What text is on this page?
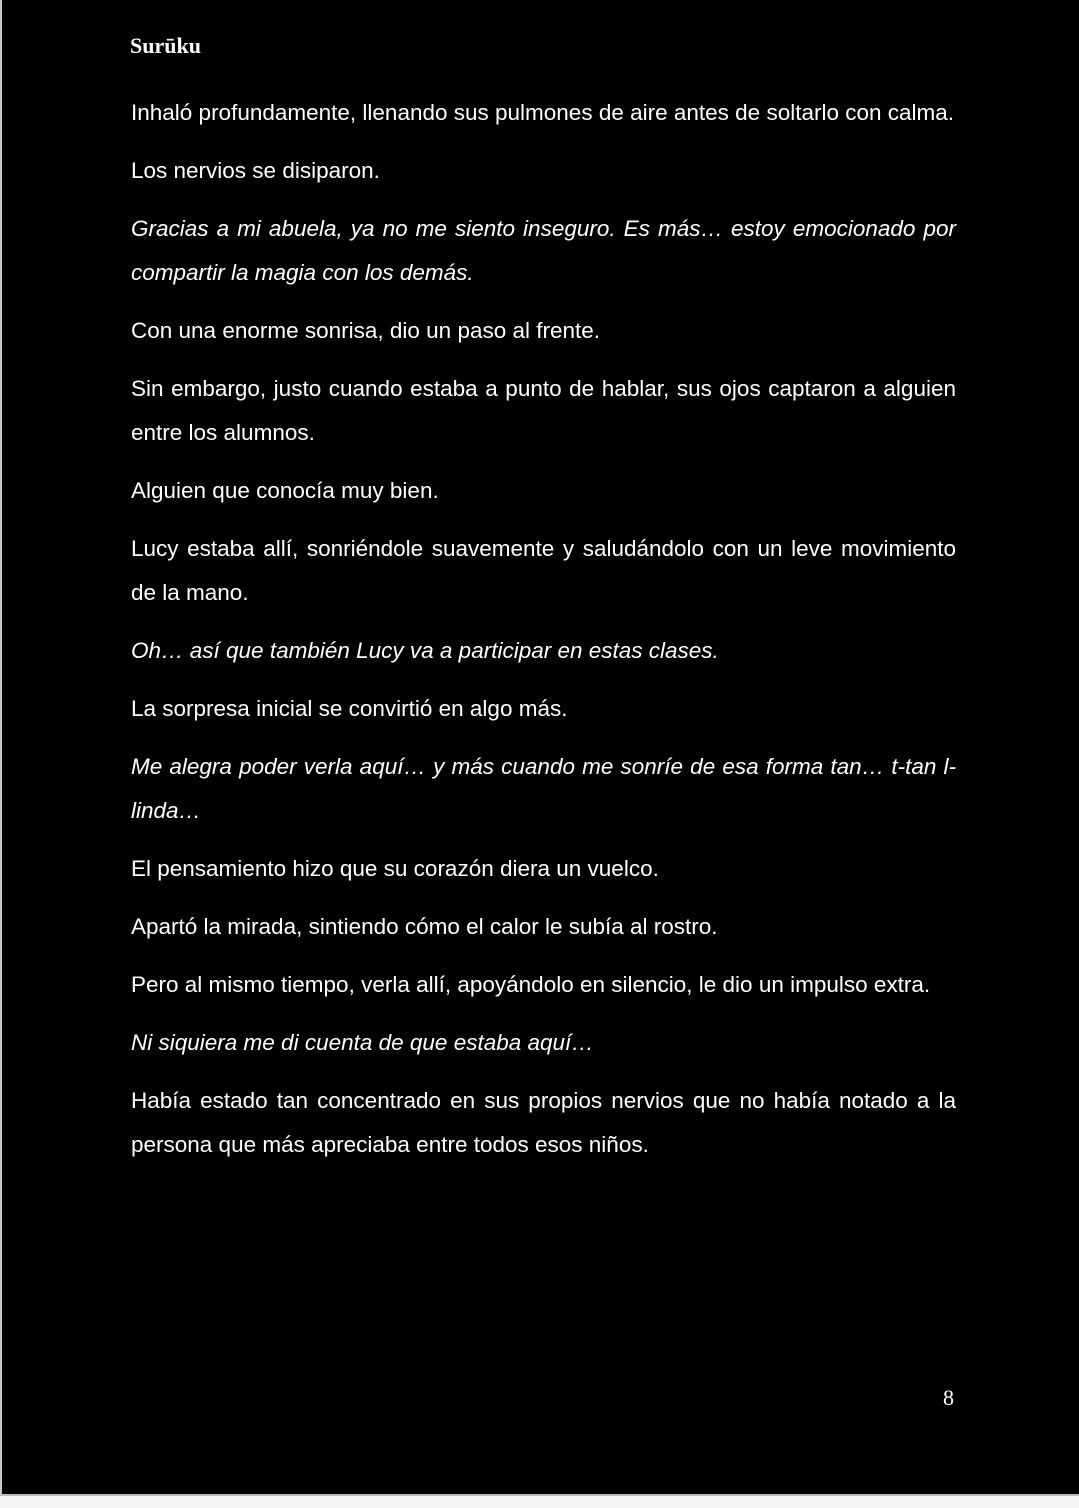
Surūku

Inhaló profundamente, llenando sus pulmones de aire antes de soltarlo con calma.

Los nervios se disiparon.

Gracias a mi abuela, ya no me siento inseguro. Es más… estoy emocionado por compartir la magia con los demás.

Con una enorme sonrisa, dio un paso al frente.

Sin embargo, justo cuando estaba a punto de hablar, sus ojos captaron a alguien entre los alumnos.

Alguien que conocía muy bien.

Lucy estaba allí, sonriéndole suavemente y saludándolo con un leve movimiento de la mano.

Oh… así que también Lucy va a participar en estas clases.

La sorpresa inicial se convirtió en algo más.

Me alegra poder verla aquí… y más cuando me sonríe de esa forma tan… t-tan l-linda…

El pensamiento hizo que su corazón diera un vuelco.

Apartó la mirada, sintiendo cómo el calor le subía al rostro.

Pero al mismo tiempo, verla allí, apoyándolo en silencio, le dio un impulso extra.

Ni siquiera me di cuenta de que estaba aquí…

Había estado tan concentrado en sus propios nervios que no había notado a la persona que más apreciaba entre todos esos niños.

8
